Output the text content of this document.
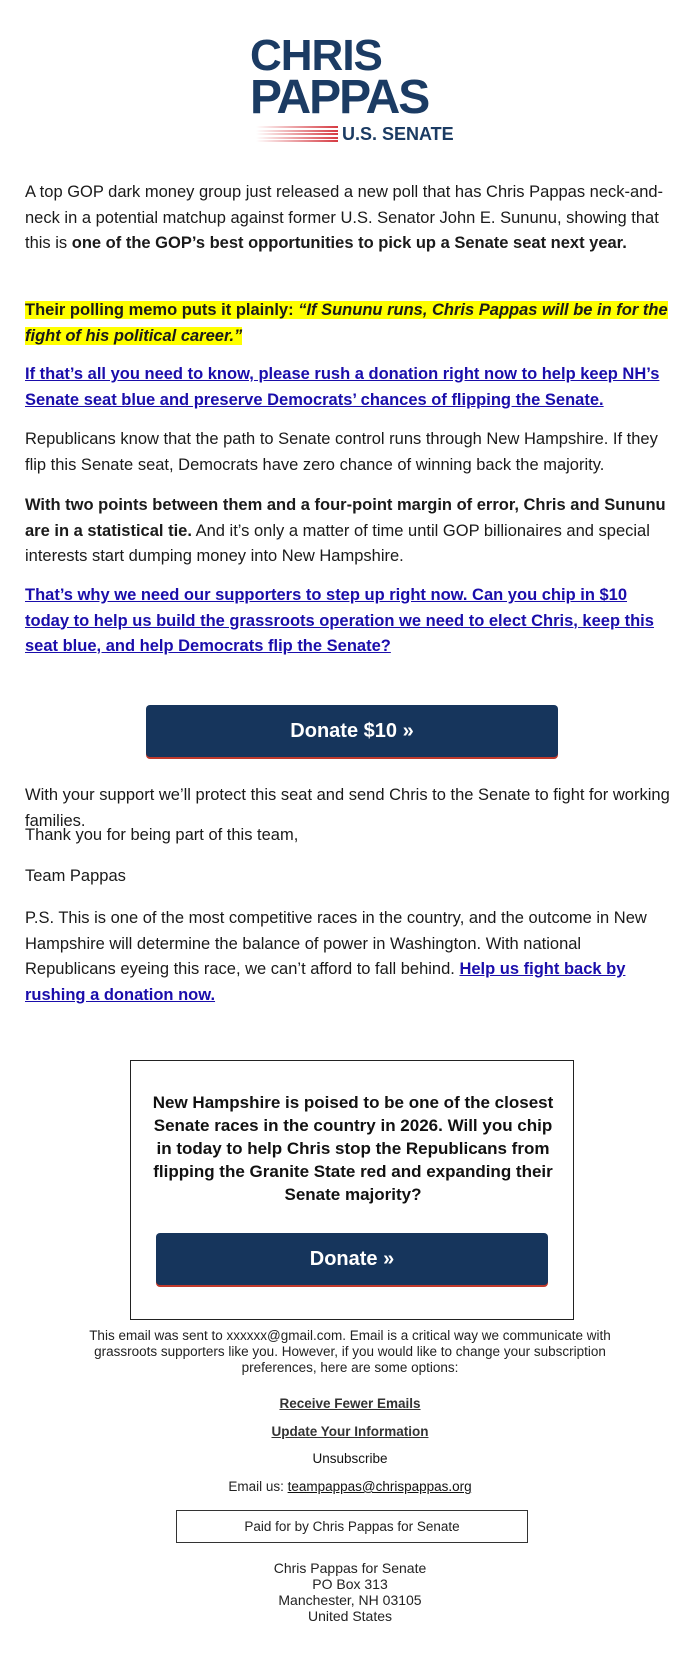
CHRIS
PAPPAS
U.S. SENATE

A top GOP dark money group just released a new poll that has Chris Pappas neck-and-neck in a potential matchup against former U.S. Senator John E. Sununu, showing that this is one of the GOP’s best opportunities to pick up a Senate seat next year.

Their polling memo puts it plainly: “If Sununu runs, Chris Pappas will be in for the fight of his political career.”

If that’s all you need to know, please rush a donation right now to help keep NH’s Senate seat blue and preserve Democrats’ chances of flipping the Senate.

Republicans know that the path to Senate control runs through New Hampshire. If they flip this Senate seat, Democrats have zero chance of winning back the majority.

With two points between them and a four-point margin of error, Chris and Sununu are in a statistical tie. And it’s only a matter of time until GOP billionaires and special interests start dumping money into New Hampshire.

That’s why we need our supporters to step up right now. Can you chip in $10 today to help us build the grassroots operation we need to elect Chris, keep this seat blue, and help Democrats flip the Senate?

Donate $10 »

With your support we’ll protect this seat and send Chris to the Senate to fight for working families.

Thank you for being part of this team,

Team Pappas

P.S. This is one of the most competitive races in the country, and the outcome in New Hampshire will determine the balance of power in Washington. With national Republicans eyeing this race, we can’t afford to fall behind. Help us fight back by rushing a donation now.

New Hampshire is poised to be one of the closest Senate races in the country in 2026. Will you chip in today to help Chris stop the Republicans from flipping the Granite State red and expanding their Senate majority?
Donate »
This email was sent to xxxxxx@gmail.com. Email is a critical way we communicate with grassroots supporters like you. However, if you would like to change your subscription preferences, here are some options:
Receive Fewer Emails
Update Your Information
Unsubscribe
Email us: teampappas@chrispappas.org
Paid for by Chris Pappas for Senate
Chris Pappas for Senate
PO Box 313
Manchester, NH 03105
United States
